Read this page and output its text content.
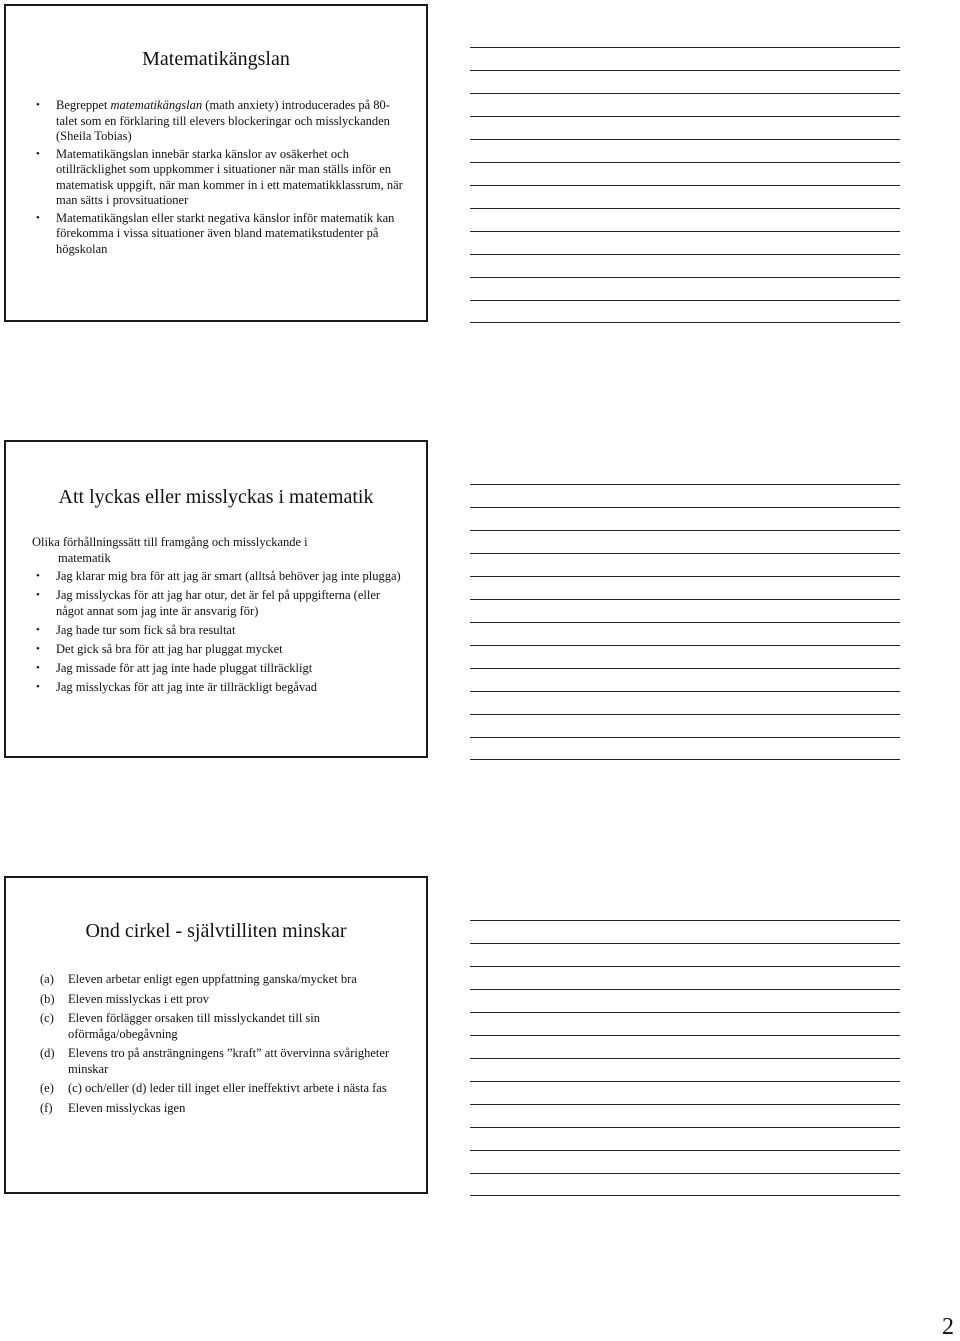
Matematikängslan
• Begreppet matematikängslan (math anxiety) introducerades på 80-talet som en förklaring till elevers blockeringar och misslyckanden (Sheila Tobias)
• Matematikängslan innebär starka känslor av osäkerhet och otillräcklighet som uppkommer i situationer när man ställs inför en matematisk uppgift, när man kommer in i ett matematikklassrum, när man sätts i provsituationer
• Matematikängslan eller starkt negativa känslor inför matematik kan förekomma i vissa situationer även bland matematikstudenter på högskolan
Att lyckas eller misslyckas i matematik
Olika förhållningssätt till framgång och misslyckande i
matematik
• Jag klarar mig bra för att jag är smart (alltså behöver jag inte plugga)
• Jag misslyckas för att jag har otur, det är fel på uppgifterna (eller något annat som jag inte är ansvarig för)
• Jag hade tur som fick så bra resultat
• Det gick så bra för att jag har pluggat mycket
• Jag missade för att jag inte hade pluggat tillräckligt
• Jag misslyckas för att jag inte är tillräckligt begåvad
Ond cirkel - självtilliten minskar
(a) Eleven arbetar enligt egen uppfattning ganska/mycket bra
(b) Eleven misslyckas i ett prov
(c) Eleven förlägger orsaken till misslyckandet till sin oförmåga/obegåvning
(d) Elevens tro på ansträngningens ”kraft” att övervinna svårigheter minskar
(e) (c) och/eller (d) leder till inget eller ineffektivt arbete i nästa fas
(f) Eleven misslyckas igen
2
